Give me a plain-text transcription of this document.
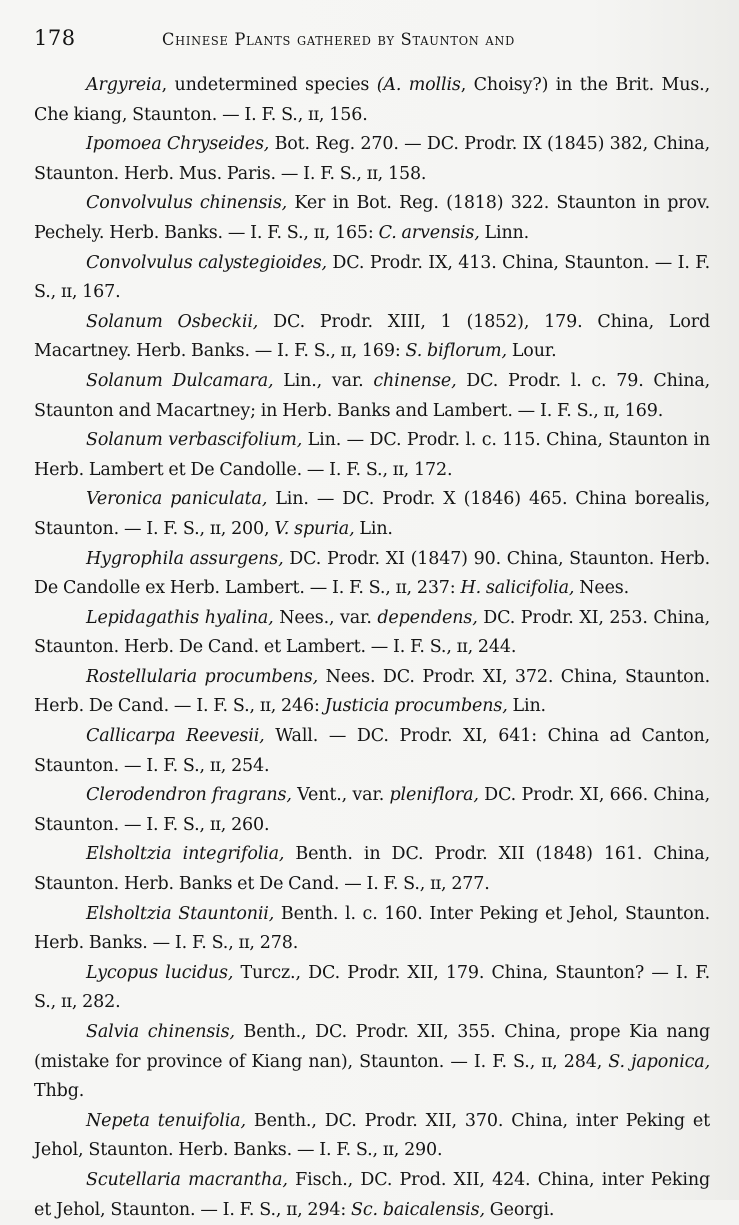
178	Chinese Plants gathered by Staunton and

Argyreia, undetermined species (A. mollis, Choisy?) in the Brit. Mus., Che kiang, Staunton. — I. F. S., ɪɪ, 156.

Ipomoea Chryseides, Bot. Reg. 270. — DC. Prodr. IX (1845) 382, China, Staunton. Herb. Mus. Paris. — I. F. S., ɪɪ, 158.

Convolvulus chinensis, Ker in Bot. Reg. (1818) 322. Staunton in prov. Pechely. Herb. Banks. — I. F. S., ɪɪ, 165: C. arvensis, Linn.

Convolvulus calystegioides, DC. Prodr. IX, 413. China, Staunton. — I. F. S., ɪɪ, 167.

Solanum Osbeckii, DC. Prodr. XIII, 1 (1852), 179. China, Lord Macartney. Herb. Banks. — I. F. S., ɪɪ, 169: S. biflorum, Lour.

Solanum Dulcamara, Lin., var. chinense, DC. Prodr. l. c. 79. China, Staunton and Macartney; in Herb. Banks and Lambert. — I. F. S., ɪɪ, 169.

Solanum verbascifolium, Lin. — DC. Prodr. l. c. 115. China, Staunton in Herb. Lambert et De Candolle. — I. F. S., ɪɪ, 172.

Veronica paniculata, Lin. — DC. Prodr. X (1846) 465. China borealis, Staunton. — I. F. S., ɪɪ, 200, V. spuria, Lin.

Hygrophila assurgens, DC. Prodr. XI (1847) 90. China, Staunton. Herb. De Candolle ex Herb. Lambert. — I. F. S., ɪɪ, 237: H. salicifolia, Nees.

Lepidagathis hyalina, Nees., var. dependens, DC. Prodr. XI, 253. China, Staunton. Herb. De Cand. et Lambert. — I. F. S., ɪɪ, 244.

Rostellularia procumbens, Nees. DC. Prodr. XI, 372. China, Staunton. Herb. De Cand. — I. F. S., ɪɪ, 246: Justicia procumbens, Lin.

Callicarpa Reevesii, Wall. — DC. Prodr. XI, 641: China ad Canton, Staunton. — I. F. S., ɪɪ, 254.

Clerodendron fragrans, Vent., var. pleniflora, DC. Prodr. XI, 666. China, Staunton. — I. F. S., ɪɪ, 260.

Elsholtzia integrifolia, Benth. in DC. Prodr. XII (1848) 161. China, Staunton. Herb. Banks et De Cand. — I. F. S., ɪɪ, 277.

Elsholtzia Stauntonii, Benth. l. c. 160. Inter Peking et Jehol, Staunton. Herb. Banks. — I. F. S., ɪɪ, 278.

Lycopus lucidus, Turcz., DC. Prodr. XII, 179. China, Staunton? — I. F. S., ɪɪ, 282.

Salvia chinensis, Benth., DC. Prodr. XII, 355. China, prope Kia nang (mistake for province of Kiang nan), Staunton. — I. F. S., ɪɪ, 284, S. japonica, Thbg.

Nepeta tenuifolia, Benth., DC. Prodr. XII, 370. China, inter Peking et Jehol, Staunton. Herb. Banks. — I. F. S., ɪɪ, 290.

Scutellaria macrantha, Fisch., DC. Prod. XII, 424. China, inter Peking et Jehol, Staunton. — I. F. S., ɪɪ, 294: Sc. baicalensis, Georgi.
